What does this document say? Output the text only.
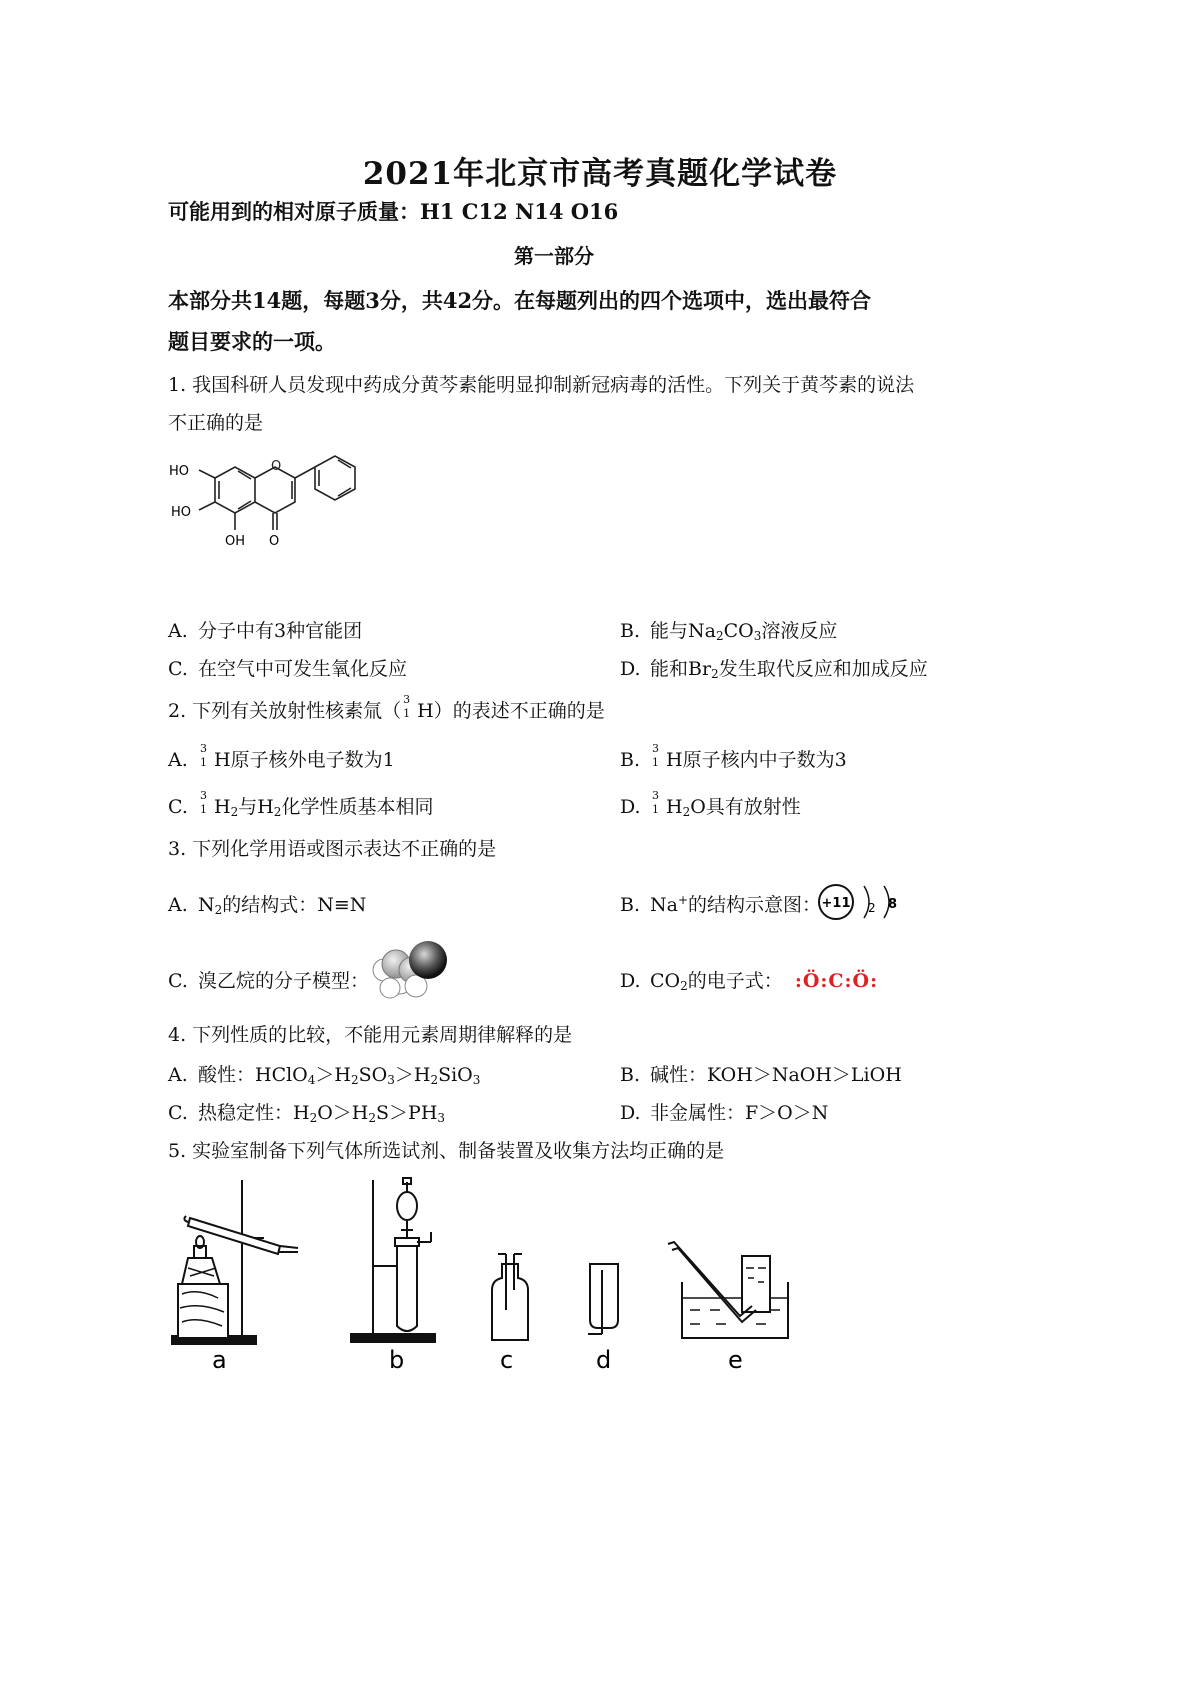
2021年北京市高考真题化学试卷
可能用到的相对原子质量：H1 C12 N14 O16
第一部分
本部分共14题，每题3分，共42分。在每题列出的四个选项中，选出最符合
题目要求的一项。
1. 我国科研人员发现中药成分黄芩素能明显抑制新冠病毒的活性。下列关于黄芩素的说法
不正确的是
HO
HO
OH O
O
A. 分子中有3种官能团	B. 能与$Na_2CO_3$溶液反应
C. 在空气中可发生氧化反应	D. 能和$Br_2$发生取代反应和加成反应
2. 下列有关放射性核素氚（
3
1 H）的表述不正确的是
A.
3
1 H原子核外电子数为1	B.
3
1 H原子核内中子数为3
C.
3
1 $H_2$与$H_2$化学性质基本相同	D.
3
1 $H_2O$具有放射性
3. 下列化学用语或图示表达不正确的是
A. $N_2$的结构式：N≡N	B. Na+的结构示意图： +11 2 8
C. 溴乙烷的分子模型：	D. $CO_2$的电子式： :Ö:C:Ö:
4. 下列性质的比较，不能用元素周期律解释的是
A. 酸性：$HClO_4>H_2SO_3>H_2SiO_3$	B. 碱性：KOH＞NaOH＞LiOH
C. 热稳定性：$H_2O>H_2S>PH_3$	D. 非金属性：F＞O＞N
5. 实验室制备下列气体所选试剂、制备装置及收集方法均正确的是
a	b	c	d	e
